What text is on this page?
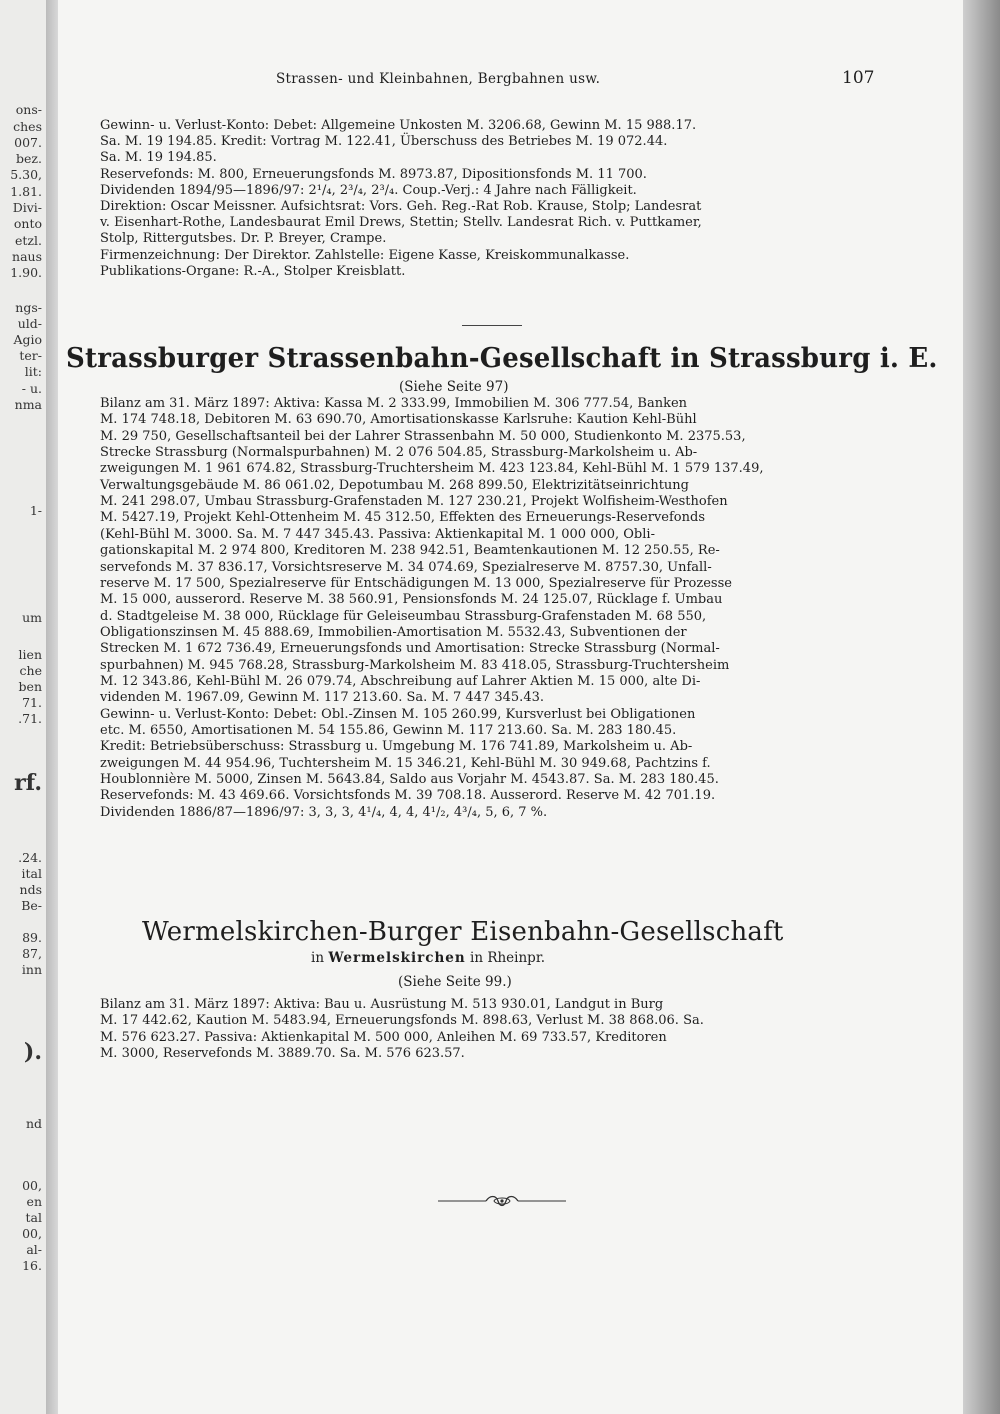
ons-
ches
007.
bez.
5.30,
1.81.
Divi-
onto
etzl.
naus
1.90.
ngs-
uld-
Agio
ter-
lit:
- u.
nma
1-
um
lien
che
ben
71.
.71.
rf.
.24.
ital
nds
Be-
89.
87,
inn
).
nd
00,
en
tal
00,
al-
16.
Strassen- und Kleinbahnen, Bergbahnen usw.	107
Gewinn- u. Verlust-Konto: Debet: Allgemeine Unkosten M. 3206.68, Gewinn M. 15 988.17.
Sa. M. 19 194.85. Kredit: Vortrag M. 122.41, Überschuss des Betriebes M. 19 072.44.
Sa. M. 19 194.85.
Reservefonds: M. 800, Erneuerungsfonds M. 8973.87, Dipositionsfonds M. 11 700.
Dividenden 1894/95—1896/97: 2¹/₄, 2³/₄, 2³/₄. Coup.-Verj.: 4 Jahre nach Fälligkeit.
Direktion: Oscar Meissner. Aufsichtsrat: Vors. Geh. Reg.-Rat Rob. Krause, Stolp; Landesrat
v. Eisenhart-Rothe, Landesbaurat Emil Drews, Stettin; Stellv. Landesrat Rich. v. Puttkamer,
Stolp, Rittergutsbes. Dr. P. Breyer, Crampe.
Firmenzeichnung: Der Direktor. Zahlstelle: Eigene Kasse, Kreiskommunalkasse.
Publikations-Organe: R.-A., Stolper Kreisblatt.
Strassburger Strassenbahn-Gesellschaft in Strassburg i. E.
(Siehe Seite 97)
Bilanz am 31. März 1897: Aktiva: Kassa M. 2 333.99, Immobilien M. 306 777.54, Banken
M. 174 748.18, Debitoren M. 63 690.70, Amortisationskasse Karlsruhe: Kaution Kehl-Bühl
M. 29 750, Gesellschaftsanteil bei der Lahrer Strassenbahn M. 50 000, Studienkonto M. 2375.53,
Strecke Strassburg (Normalspurbahnen) M. 2 076 504.85, Strassburg-Markolsheim u. Ab-
zweigungen M. 1 961 674.82, Strassburg-Truchtersheim M. 423 123.84, Kehl-Bühl M. 1 579 137.49,
Verwaltungsgebäude M. 86 061.02, Depotumbau M. 268 899.50, Elektrizitätseinrichtung
M. 241 298.07, Umbau Strassburg-Grafenstaden M. 127 230.21, Projekt Wolfisheim-Westhofen
M. 5427.19, Projekt Kehl-Ottenheim M. 45 312.50, Effekten des Erneuerungs-Reservefonds
(Kehl-Bühl M. 3000. Sa. M. 7 447 345.43. Passiva: Aktienkapital M. 1 000 000, Obli-
gationskapital M. 2 974 800, Kreditoren M. 238 942.51, Beamtenkautionen M. 12 250.55, Re-
servefonds M. 37 836.17, Vorsichtsreserve M. 34 074.69, Spezialreserve M. 8757.30, Unfall-
reserve M. 17 500, Spezialreserve für Entschädigungen M. 13 000, Spezialreserve für Prozesse
M. 15 000, ausserord. Reserve M. 38 560.91, Pensionsfonds M. 24 125.07, Rücklage f. Umbau
d. Stadtgeleise M. 38 000, Rücklage für Geleiseumbau Strassburg-Grafenstaden M. 68 550,
Obligationszinsen M. 45 888.69, Immobilien-Amortisation M. 5532.43, Subventionen der
Strecken M. 1 672 736.49, Erneuerungsfonds und Amortisation: Strecke Strassburg (Normal-
spurbahnen) M. 945 768.28, Strassburg-Markolsheim M. 83 418.05, Strassburg-Truchtersheim
M. 12 343.86, Kehl-Bühl M. 26 079.74, Abschreibung auf Lahrer Aktien M. 15 000, alte Di-
videnden M. 1967.09, Gewinn M. 117 213.60. Sa. M. 7 447 345.43.
Gewinn- u. Verlust-Konto: Debet: Obl.-Zinsen M. 105 260.99, Kursverlust bei Obligationen
etc. M. 6550, Amortisationen M. 54 155.86, Gewinn M. 117 213.60. Sa. M. 283 180.45.
Kredit: Betriebsüberschuss: Strassburg u. Umgebung M. 176 741.89, Markolsheim u. Ab-
zweigungen M. 44 954.96, Tuchtersheim M. 15 346.21, Kehl-Bühl M. 30 949.68, Pachtzins f.
Houblonnière M. 5000, Zinsen M. 5643.84, Saldo aus Vorjahr M. 4543.87. Sa. M. 283 180.45.
Reservefonds: M. 43 469.66. Vorsichtsfonds M. 39 708.18. Ausserord. Reserve M. 42 701.19.
Dividenden 1886/87—1896/97: 3, 3, 3, 4¹/₄, 4, 4, 4¹/₂, 4³/₄, 5, 6, 7 %.
Wermelskirchen-Burger Eisenbahn-Gesellschaft
in Wermelskirchen in Rheinpr.
(Siehe Seite 99.)
Bilanz am 31. März 1897: Aktiva: Bau u. Ausrüstung M. 513 930.01, Landgut in Burg
M. 17 442.62, Kaution M. 5483.94, Erneuerungsfonds M. 898.63, Verlust M. 38 868.06. Sa.
M. 576 623.27. Passiva: Aktienkapital M. 500 000, Anleihen M. 69 733.57, Kreditoren
M. 3000, Reservefonds M. 3889.70. Sa. M. 576 623.57.
